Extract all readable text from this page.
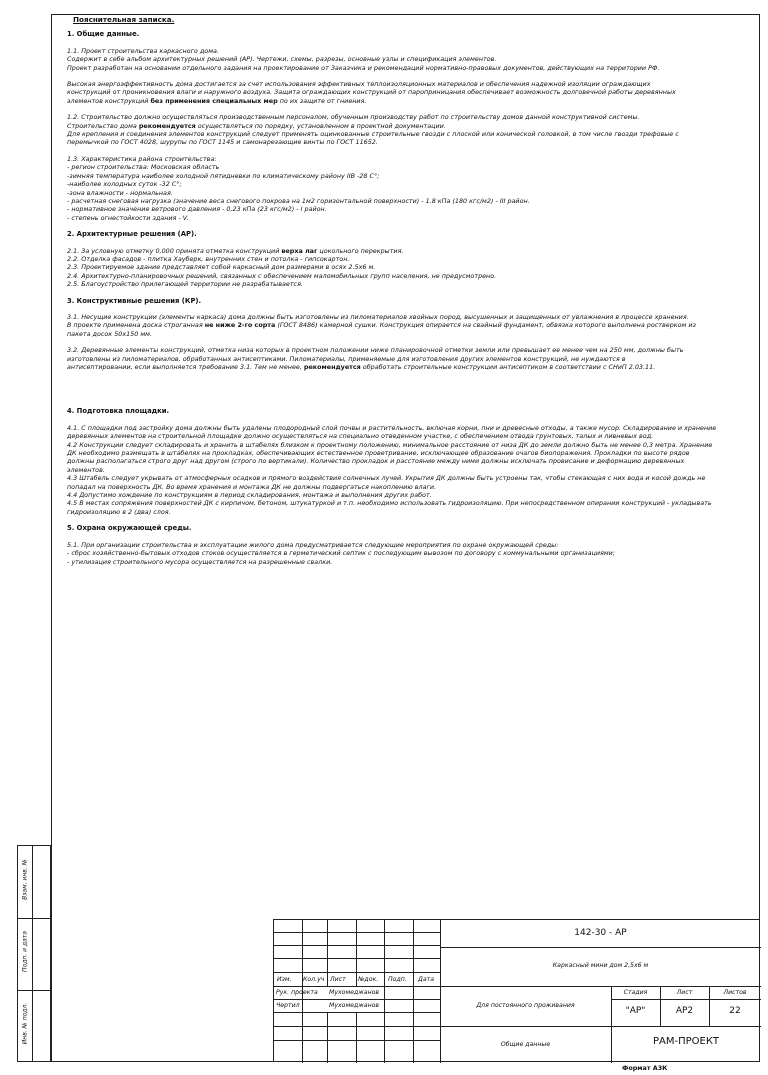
Пояснительная записка.
1. Общие данные.

1.1. Проект строительства каркасного дома.
Содержит в себе альбом архитектурных решений (АР). Чертежи, схемы, разрезы, основные узлы и спецификация элементов.
Проект разработан на основании отдельного задания на проектирование от Заказчика и рекомендаций нормативно-правовых документов, действующих на территории РФ.

Высокая энергоэффективность дома достигается за счет использования эффективных теплоизоляционных материалов и обеспечения надежной изоляции ограждающих
конструкций от проникновения влаги и наружного воздуха. Защита ограждающих конструкций от пароприницания обеспечивает возможность долговечной работы деревянных
элементов конструкций без применения специальных мер по их защите от гниения.

1.2. Строительство должно осуществляться производственным персоналом, обученным производству работ по строительству домов данной конструктивной системы.
Строительство дома рекомендуется осуществляться по порядку, установленном в проектной документации.
Для крепления и соединения элементов конструкций следует применять оцинкованные строительные гвозди с плоской или конической головкой, в том числе гвозди трефовые с
перемычкой по ГОСТ 4028, шурупы по ГОСТ 1145 и самонарезающие винты по ГОСТ 11652.

1.3. Характеристика района строительства:
- регион строительства: Московская область
-зимняя температура наиболее холодной пятидневки по климатическому району IIВ -28 С°;
-наиболее холодных суток -32 С°;
-зона влажности - нормальная.
- расчетная снеговая нагрузка (значение веса снегового покрова на 1м2 горизонтальной поверхности) - 1.8 кПа (180 кгс/м2) - III район.
- нормативное значение ветрового давления - 0,23 кПа (23 кгс/м2) - I район.
- степень огнестойкости здания - V.

2. Архитектурные решения (АР).

2.1. За условную отметку 0,000 принята отметка конструкций верха лаг цокольного перекрытия.
2.2. Отделка фасадов - плитка Хауберк, внутренних стен и потолка - гипсокартон.
2.3. Проектируемое здание представляет собой каркасный дом размерами в осях 2.5х6 м.
2.4. Архитектурно-планировочных решений, связанных с обеспечением маломобильных групп населения, не предусмотрено.
2.5. Благоустройство прилегающей территории не разрабатывается.

3. Конструктивные решения (КР).

3.1. Несущие конструкции (элементы каркаса) дома должны быть изготовлены из пиломатериалов хвойных пород, высушенных и защищенных от увлажнения в процессе хранения.
В проекте применена доска строганная не ниже 2-го сорта (ГОСТ 8486) камерной сушки. Конструкция опирается на свайный фундамент, обвязка которого выполнена ростверком из
пакета досок 50х150 мм.

3.2. Деревянные элементы конструкций, отметка низа которых в проектном положении ниже планировочной отметки земли или превышает ее менее чем на 250 мм, должны быть
изготовлены из пиломатериалов, обработанных антисептиками. Пиломатериалы, применяемые для изготовления других элементов конструкций, не нуждаются в
антисептировании, если выполняется требование 3.1. Тем не менее, рекомендуется обработать строительные конструкции антисептиком в соответствии с СНиП 2.03.11.

4. Подготовка площадки.

4.1. С площадки под застройку дома должны быть удалены плодородный слой почвы и растительность, включая корни, пни и древесные отходы, а также мусор. Складирование и хранение
деревянных элементов на строительной площадке должно осуществляться на специально отведенном участке, с обеспечением отвода грунтовых, талых и ливневых вод.
4.2 Конструкции следует складировать и хранить в штабелях близком к проектному положению, минимальное расстояние от низа ДК до земли должно быть не менее 0,3 метра. Хранение
ДК необходимо размещать в штабелях на прокладках, обеспечивающих естественное проветривание, исключающее образование очагов биопоражения. Прокладки по высоте рядов
должны располагаться строго друг над другом (строго по вертикали). Количество прокладок и расстояние между ними должны исключать провисание и деформацию деревянных
элементов.
4.3 Штабель следует укрывать от атмосферных осадков и прямого воздействия солнечных лучей. Укрытия ДК должны быть устроены так, чтобы стекающая с них вода и косой дождь не
попадал на поверхность ДК. Во время хранения и монтажа ДК не должны подвергаться накоплению влаги.
4.4 Допустимо хождение по конструкциям в период складирования, монтажа и выполнения других работ.
4.5 В местах сопряжения поверхностей ДК с кирпичом, бетоном, штукатуркой и т.п. необходимо использовать гидроизоляцию. При непосредственном опирании конструкций - укладывать
гидроизоляцию в 2 (два) слоя.

5. Охрана окружающей среды.

5.1. При организации строительства и эксплуатации жилого дома предусматривается следующие мероприятия по охране окружающей среды:
- сброс хозяйственно-бытовых отходов стоков осуществляется в герметический септик с последующим вывозом по договору с коммунальными организациями;
- утилизация строительного мусора осуществляется на разрешенные свалки.

Взам. инв. №
Подп. и дата
Инв. № подл.
142-30 - АР
Каркасный мини дом 2,5х6 м
Изм. Кол.уч Лист №док. Подп. Дата
Рук. проекта Мухомеджанов
Чертил	Мухомеджанов	Для постоянного проживания
Общие данные
Стадия	Лист	Листов
"АР"	АР2	22
РАМ-ПРОЕКТ
Формат А3К
